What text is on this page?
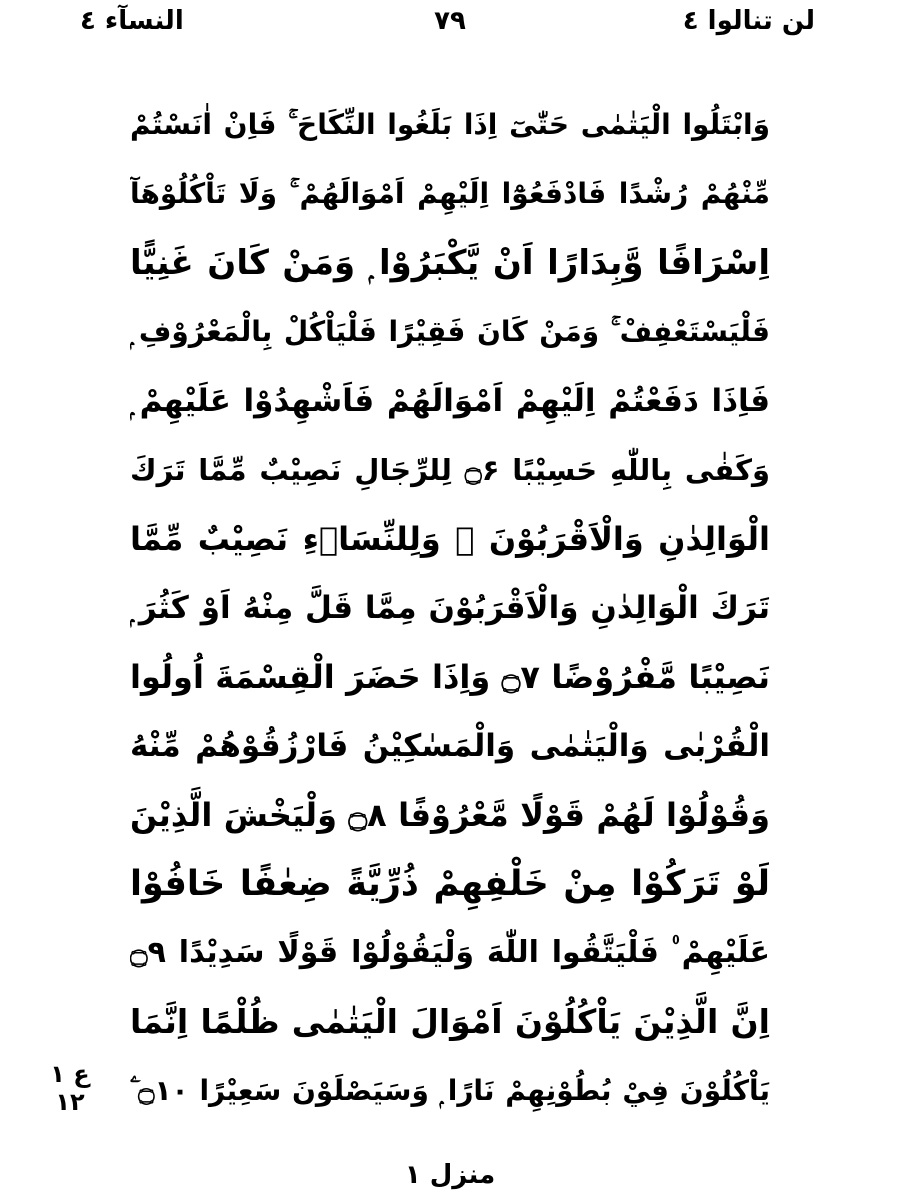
لن تنالوا ٤
٧٩
النسآء ٤
وَابْتَلُوا الْيَتٰمٰى حَتّٰىٓ اِذَا بَلَغُوا النِّكَاحَ ۚ فَاِنْ اٰنَسْتُمْ
مِّنْهُمْ رُشْدًا فَادْفَعُوْٓا اِلَيْهِمْ اَمْوَالَهُمْ ۚ وَلَا تَاْكُلُوْهَآ
اِسْرَافًا وَّبِدَارًا اَنْ يَّكْبَرُوْا ۭ وَمَنْ كَانَ غَنِيًّا
فَلْيَسْتَعْفِفْ ۚ وَمَنْ كَانَ فَقِيْرًا فَلْيَاْكُلْ بِالْمَعْرُوْفِ ۭ
فَاِذَا دَفَعْتُمْ اِلَيْهِمْ اَمْوَالَهُمْ فَاَشْهِدُوْا عَلَيْهِمْ ۭ
وَكَفٰى بِاللّٰهِ حَسِيْبًا ۝۶ لِلرِّجَالِ نَصِيْبٌ مِّمَّا تَرَكَ
الْوَالِدٰنِ وَالْاَقْرَبُوْنَ ۠ وَلِلنِّسَاۗءِ نَصِيْبٌ مِّمَّا
تَرَكَ الْوَالِدٰنِ وَالْاَقْرَبُوْنَ مِمَّا قَلَّ مِنْهُ اَوْ كَثُرَ ۭ
نَصِيْبًا مَّفْرُوْضًا ۝۷ وَاِذَا حَضَرَ الْقِسْمَةَ اُولُوا
الْقُرْبٰى وَالْيَتٰمٰى وَالْمَسٰكِيْنُ فَارْزُقُوْھُمْ مِّنْهُ
وَقُوْلُوْا لَھُمْ قَوْلًا مَّعْرُوْفًا ۝۸ وَلْيَخْشَ الَّذِيْنَ
لَوْ تَرَكُوْا مِنْ خَلْفِهِمْ ذُرِّيَّةً ضِعٰفًا خَافُوْا
عَلَيْهِمْ ۠ فَلْيَتَّقُوا اللّٰهَ وَلْيَقُوْلُوْا قَوْلًا سَدِيْدًا ۝۹
اِنَّ الَّذِيْنَ يَاْكُلُوْنَ اَمْوَالَ الْيَتٰمٰى ظُلْمًا اِنَّمَا
يَاْكُلُوْنَ فِيْ بُطُوْنِهِمْ نَارًا ۭ وَسَيَصْلَوْنَ سَعِيْرًا ۝۱۰ ۧ
ع ۱
۱۲
منزل ۱
